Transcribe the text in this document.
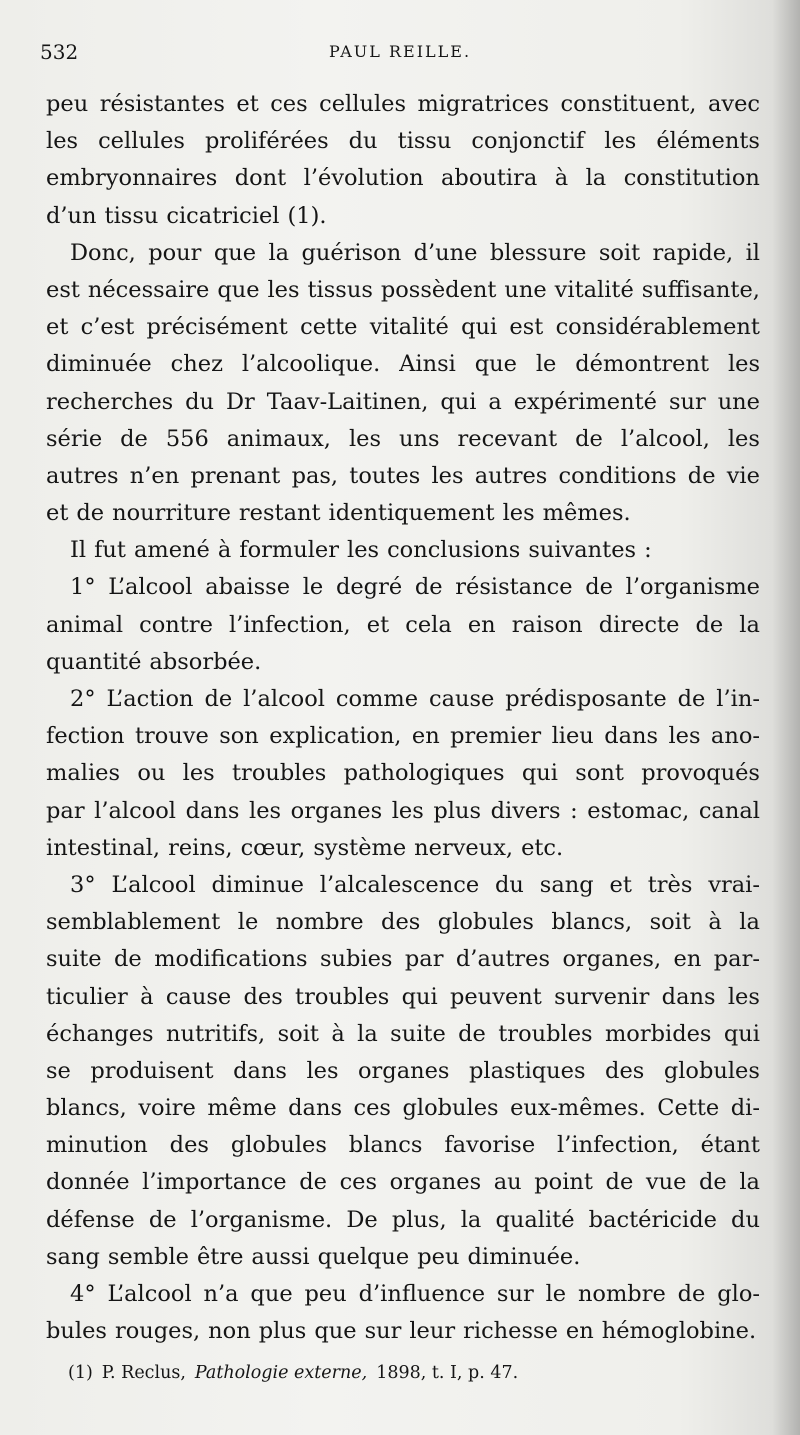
532	PAUL REILLE.
peu résistantes et ces cellules migratrices constituent, avec
les cellules proliférées du tissu conjonctif les éléments
embryonnaires dont l’évolution aboutira à la constitution
d’un tissu cicatriciel (1).
Donc, pour que la guérison d’une blessure soit rapide, il
est nécessaire que les tissus possèdent une vitalité suffisante,
et c’est précisément cette vitalité qui est considérablement
diminuée chez l’alcoolique. Ainsi que le démontrent les
recherches du Dr Taav-Laitinen, qui a expérimenté sur une
série de 556 animaux, les uns recevant de l’alcool, les
autres n’en prenant pas, toutes les autres conditions de vie
et de nourriture restant identiquement les mêmes.
Il fut amené à formuler les conclusions suivantes :
1° L’alcool abaisse le degré de résistance de l’organisme
animal contre l’infection, et cela en raison directe de la
quantité absorbée.
2° L’action de l’alcool comme cause prédisposante de l’in-
fection trouve son explication, en premier lieu dans les ano-
malies ou les troubles pathologiques qui sont provoqués
par l’alcool dans les organes les plus divers : estomac, canal
intestinal, reins, cœur, système nerveux, etc.
3° L’alcool diminue l’alcalescence du sang et très vrai-
semblablement le nombre des globules blancs, soit à la
suite de modifications subies par d’autres organes, en par-
ticulier à cause des troubles qui peuvent survenir dans les
échanges nutritifs, soit à la suite de troubles morbides qui
se produisent dans les organes plastiques des globules
blancs, voire même dans ces globules eux-mêmes. Cette di-
minution des globules blancs favorise l’infection, étant
donnée l’importance de ces organes au point de vue de la
défense de l’organisme. De plus, la qualité bactéricide du
sang semble être aussi quelque peu diminuée.
4° L’alcool n’a que peu d’influence sur le nombre de glo-
bules rouges, non plus que sur leur richesse en hémoglobine.
(1) P. Reclus, Pathologie externe, 1898, t. I, p. 47.
